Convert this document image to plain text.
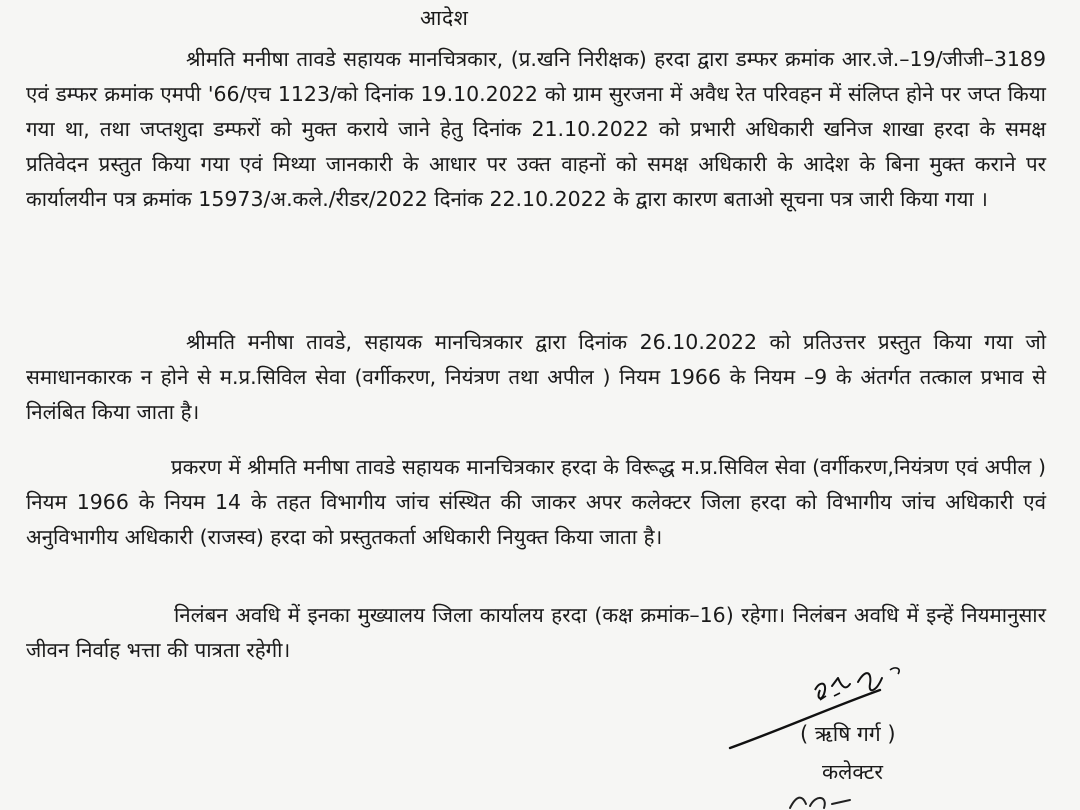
आदेश

श्रीमति मनीषा तावडे सहायक मानचित्रकार, (प्र.खनि निरीक्षक) हरदा द्वारा डम्फर क्रमांक आर.जे.–19/जीजी–3189 एवं डम्फर क्रमांक एमपी '66/एच 1123/को दिनांक 19.10.2022 को ग्राम सुरजना में अवैध रेत परिवहन में संलिप्त होने पर जप्त किया गया था, तथा जप्तशुदा डम्फरों को मुक्त कराये जाने हेतु दिनांक 21.10.2022 को प्रभारी अधिकारी खनिज शाखा हरदा के समक्ष प्रतिवेदन प्रस्तुत किया गया एवं मिथ्या जानकारी के आधार पर उक्त वाहनों को समक्ष अधिकारी के आदेश के बिना मुक्त कराने पर कार्यालयीन पत्र क्रमांक 15973/अ.कले./रीडर/2022 दिनांक 22.10.2022 के द्वारा कारण बताओ सूचना पत्र जारी किया गया ।

श्रीमति मनीषा तावडे, सहायक मानचित्रकार द्वारा दिनांक 26.10.2022 को प्रतिउत्तर प्रस्तुत किया गया जो समाधानकारक न होने से म.प्र.सिविल सेवा (वर्गीकरण, नियंत्रण तथा अपील ) नियम 1966 के नियम –9 के अंतर्गत तत्काल प्रभाव से निलंबित किया जाता है।

प्रकरण में श्रीमति मनीषा तावडे सहायक मानचित्रकार हरदा के विरूद्ध म.प्र.सिविल सेवा (वर्गीकरण,नियंत्रण एवं अपील ) नियम 1966 के नियम 14 के तहत विभागीय जांच संस्थित की जाकर अपर कलेक्टर जिला हरदा को विभागीय जांच अधिकारी एवं अनुविभागीय अधिकारी (राजस्व) हरदा को प्रस्तुतकर्ता अधिकारी नियुक्त किया जाता है।

निलंबन अवधि में इनका मुख्यालय जिला कार्यालय हरदा (कक्ष क्रमांक–16) रहेगा। निलंबन अवधि में इन्हें नियमानुसार जीवन निर्वाह भत्ता की पात्रता रहेगी।

( ऋषि गर्ग )
कलेक्टर
